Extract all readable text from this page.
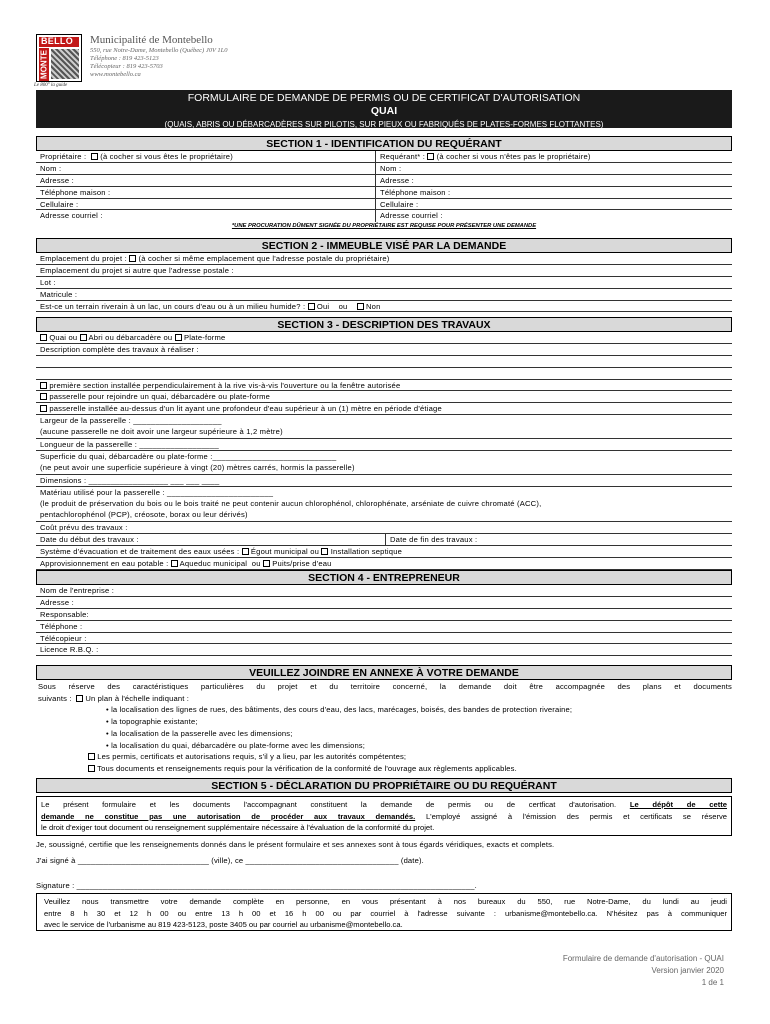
BELLO
MONTE
Le 800° la guide
Municipalité de Montebello
550, rue Notre-Dame, Montebello (Québec) J0V 1L0
Téléphone : 819 423-5123
Télécopieur : 819 423-5703
www.montebello.ca
FORMULAIRE DE DEMANDE DE PERMIS OU DE CERTIFICAT D'AUTORISATION
QUAI
(QUAIS, ABRIS OU DÉBARCADÈRES SUR PILOTIS, SUR PIEUX OU FABRIQUÉS DE PLATES-FORMES FLOTTANTES)
SECTION 1 - IDENTIFICATION DU REQUÉRANT
Propriétaire : (à cocher si vous êtes le propriétaire)	Requérant* : (à cocher si vous n'êtes pas le propriétaire)
Nom :	Nom :
Adresse :	Adresse :
Téléphone maison :	Téléphone maison :
Cellulaire :	Cellulaire :
Adresse courriel :	Adresse courriel :
*UNE PROCURATION DÛMENT SIGNÉE DU PROPRIÉTAIRE EST REQUISE POUR PRÉSENTER UNE DEMANDE
SECTION 2 - IMMEUBLE VISÉ PAR LA DEMANDE
Emplacement du projet : (à cocher si même emplacement que l'adresse postale du propriétaire)
Emplacement du projet si autre que l'adresse postale :
Lot :
Matricule :
Est-ce un terrain riverain à un lac, un cours d'eau ou à un milieu humide? : Oui ou Non
SECTION 3 - DESCRIPTION DES TRAVAUX
Quai ou Abri ou débarcadère ou Plate-forme
Description complète des travaux à réaliser :
première section installée perpendiculairement à la rive vis-à-vis l'ouverture ou la fenêtre autorisée
passerelle pour rejoindre un quai, débarcadère ou plate-forme
passerelle installée au-dessus d'un lit ayant une profondeur d'eau supérieur à un (1) mètre en période d'étiage
Largeur de la passerelle : ____________________
(aucune passerelle ne doit avoir une largeur supérieure à 1,2 mètre)
Longueur de la passerelle : __________________
Superficie du quai, débarcadère ou plate-forme :____________________________
(ne peut avoir une superficie supérieure à vingt (20) mètres carrés, hormis la passerelle)
Dimensions : __________________ ___ ___ ____
Matériau utilisé pour la passerelle : ________________________
(le produit de préservation du bois ou le bois traité ne peut contenir aucun chlorophénol, chlorophénate, arséniate de cuivre chromaté (ACC),
pentachlorophénol (PCP), créosote, borax ou leur dérivés)
Coût prévu des travaux :
Date du début des travaux :	Date de fin des travaux :
Système d'évacuation et de traitement des eaux usées : Égout municipal ou Installation septique
Approvisionnement en eau potable : Aqueduc municipal ou Puits/prise d'eau
SECTION 4 - ENTREPRENEUR
Nom de l'entreprise :
Adresse :
Responsable:
Téléphone :
Télécopieur :
Licence R.B.Q. :
VEUILLEZ JOINDRE EN ANNEXE À VOTRE DEMANDE
Sous réserve des caractéristiques particulières du projet et du territoire concerné, la demande doit être accompagnée des plans et documents
suivants : Un plan à l'échelle indiquant :
• la localisation des lignes de rues, des bâtiments, des cours d'eau, des lacs, marécages, boisés, des bandes de protection riveraine;
• la topographie existante;
• la localisation de la passerelle avec les dimensions;
• la localisation du quai, débarcadère ou plate-forme avec les dimensions;
Les permis, certificats et autorisations requis, s'il y a lieu, par les autorités compétentes;
Tous documents et renseignements requis pour la vérification de la conformité de l'ouvrage aux règlements applicables.
SECTION 5 - DÉCLARATION DU PROPRIÉTAIRE OU DU REQUÉRANT
Le présent formulaire et les documents l'accompagnant constituent la demande de permis ou de certficat d'autorisation. Le dépôt de cette
demande ne constitue pas une autorisation de procéder aux travaux demandés. L'employé assigné à l'émission des permis et certificats se réserve
le droit d'exiger tout document ou renseignement supplémentaire nécessaire à l'évaluation de la conformité du projet.
Je, soussigné, certifie que les renseignements donnés dans le présent formulaire et ses annexes sont à tous égards véridiques, exacts et complets.
J'ai signé à ______________________________ (ville), ce ___________________________________ (date).
Signature : ___________________________________________________________________________________________.
Veuillez nous transmettre votre demande complète en personne, en vous présentant à nos bureaux du 550, rue Notre-Dame, du lundi au jeudi
entre 8 h 30 et 12 h 00 ou entre 13 h 00 et 16 h 00 ou par courriel à l'adresse suivante : urbanisme@montebello.ca. N'hésitez pas à communiquer
avec le service de l'urbanisme au 819 423-5123, poste 3405 ou par courriel au urbanisme@montebello.ca.
Formulaire de demande d'autorisation - QUAI
Version janvier 2020
1 de 1
